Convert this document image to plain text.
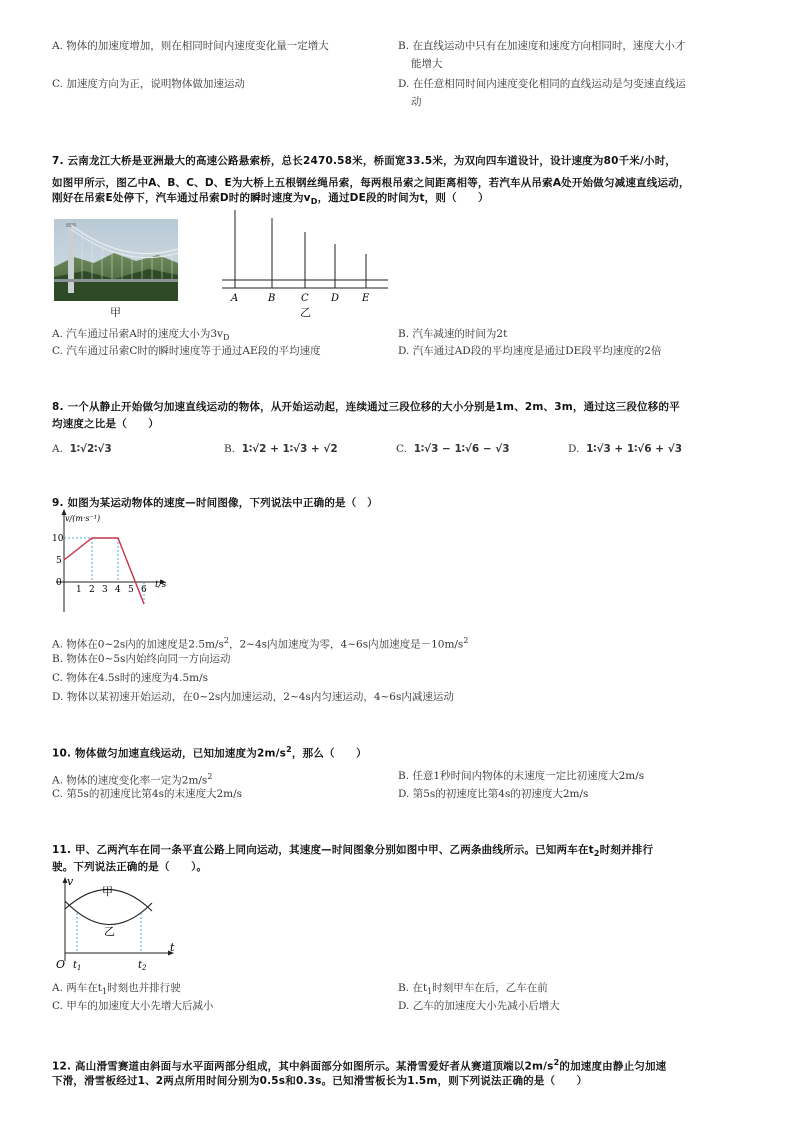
A. 物体的加速度增加，则在相同时间内速度变化量一定增大	B. 在直线运动中只有在加速度和速度方向相同时，速度大小才
能增大
C. 加速度方向为正，说明物体做加速运动	D. 在任意相同时间内速度变化相同的直线运动是匀变速直线运
动
7. 云南龙江大桥是亚洲最大的高速公路悬索桥，总长2470.58米，桥面宽33.5米，为双向四车道设计，设计速度为80千米/小时，
如图甲所示，图乙中A、B、C、D、E为大桥上五根钢丝绳吊索，每两根吊索之间距离相等，若汽车从吊索A处开始做匀减速直线运动，
刚好在吊索E处停下，汽车通过吊索D时的瞬时速度为$v_D$，通过DE段的时间为t，则（　　）
甲
A	B	C D E
乙
A. 汽车通过吊索A时的速度大小为$3v_D$	B. 汽车减速的时间为2t
C. 汽车通过吊索C时的瞬时速度等于通过AE段的平均速度	D. 汽车通过AD段的平均速度是通过DE段平均速度的2倍
8. 一个从静止开始做匀加速直线运动的物体，从开始运动起，连续通过三段位移的大小分别是1m、2m、3m，通过这三段位移的平
均速度之比是（　　）
A. 1∶√2∶√3	B. 1∶√2 + 1∶√3 + √2	C. 1∶√3 − 1∶√6 − √3	D. 1∶√3 + 1∶√6 + √3
9. 如图为某运动物体的速度—时间图像，下列说法中正确的是（　）
v/(m·s⁻¹)
t/s
10
5
0
1 2 3 4 5 6
A. 物体在0~2s内的加速度是$2.5m/s^2$，2~4s内加速度为零，4~6s内加速度是$-10m/s^2$
B. 物体在0~5s内始终向同一方向运动
C. 物体在4.5s时的速度为4.5m/s
D. 物体以某初速开始运动，在0~2s内加速运动，2~4s内匀速运动，4~6s内减速运动
10. 物体做匀加速直线运动，已知加速度为$2m/s^2$，那么（　　）
A. 物体的速度变化率一定为$2m/s^2$	B. 任意1秒时间内物体的末速度一定比初速度大2m/s
C. 第5s的初速度比第4s的末速度大2m/s	D. 第5s的初速度比第4s的初速度大2m/s
11. 甲、乙两汽车在同一条平直公路上同向运动，其速度—时间图象分别如图中甲、乙两条曲线所示。已知两车在$t_2$时刻并排行
驶。下列说法正确的是（　　）。
v
t
O
甲
乙
$t_1$	$t_2$
A. 两车在$t_1$时刻也并排行驶	B. 在$t_1$时刻甲车在后，乙车在前
C. 甲车的加速度大小先增大后减小	D. 乙车的加速度大小先减小后增大
12. 高山滑雪赛道由斜面与水平面两部分组成，其中斜面部分如图所示。某滑雪爱好者从赛道顶端以$2m/s^2$的加速度由静止匀加速
下滑，滑雪板经过1、2两点所用时间分别为0.5s和0.3s。已知滑雪板长为1.5m，则下列说法正确的是（　　）
